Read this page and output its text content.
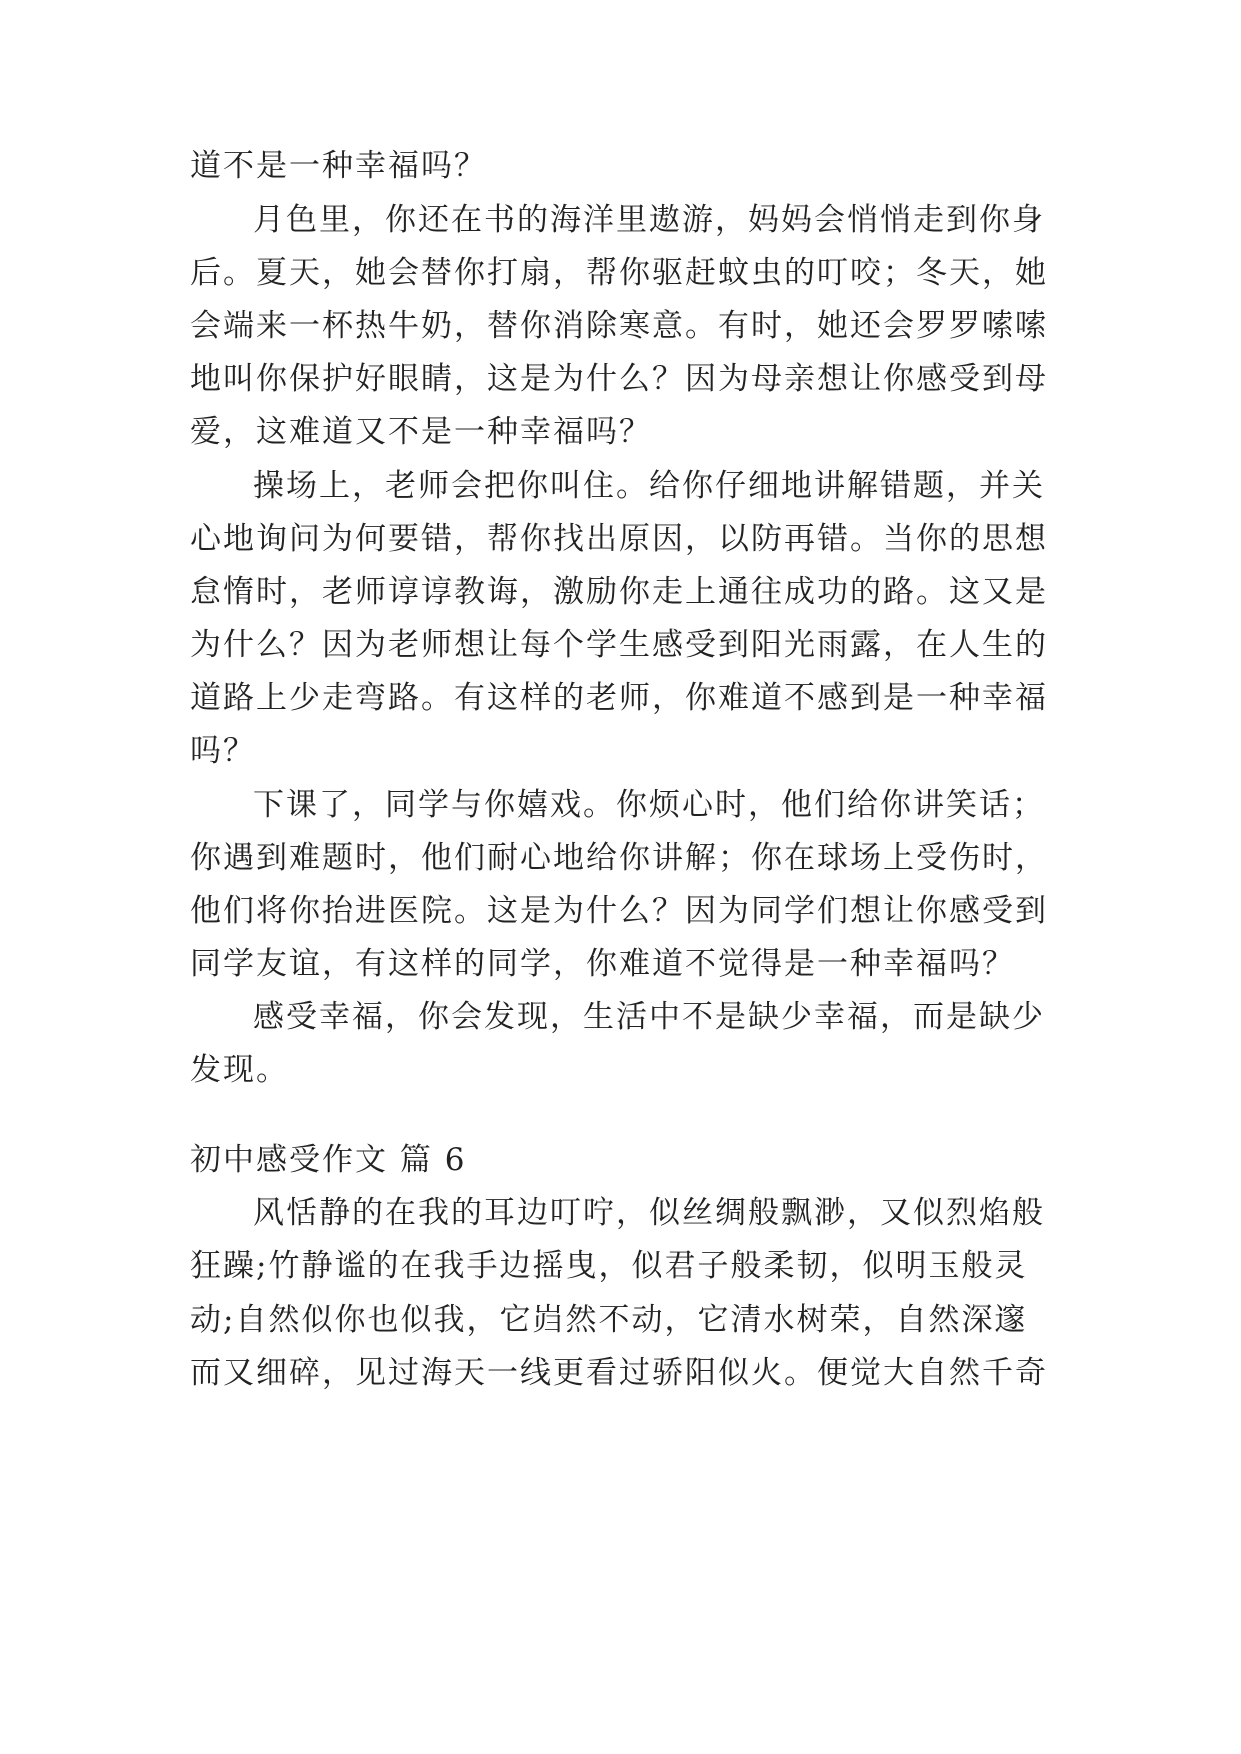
道不是一种幸福吗？
月色里，你还在书的海洋里遨游，妈妈会悄悄走到你身
后。夏天，她会替你打扇，帮你驱赶蚊虫的叮咬；冬天，她
会端来一杯热牛奶，替你消除寒意。有时，她还会罗罗嗦嗦
地叫你保护好眼睛，这是为什么？因为母亲想让你感受到母
爱，这难道又不是一种幸福吗？
操场上，老师会把你叫住。给你仔细地讲解错题，并关
心地询问为何要错，帮你找出原因，以防再错。当你的思想
怠惰时，老师谆谆教诲，激励你走上通往成功的路。这又是
为什么？因为老师想让每个学生感受到阳光雨露，在人生的
道路上少走弯路。有这样的老师，你难道不感到是一种幸福
吗？
下课了，同学与你嬉戏。你烦心时，他们给你讲笑话；
你遇到难题时，他们耐心地给你讲解；你在球场上受伤时，
他们将你抬进医院。这是为什么？因为同学们想让你感受到
同学友谊，有这样的同学，你难道不觉得是一种幸福吗？
感受幸福，你会发现，生活中不是缺少幸福，而是缺少
发现。
初中感受作文 篇 6
风恬静的在我的耳边叮咛，似丝绸般飘渺，又似烈焰般
狂躁;竹静谧的在我手边摇曳，似君子般柔韧，似明玉般灵
动;自然似你也似我，它岿然不动，它清水树荣，自然深邃
而又细碎，见过海天一线更看过骄阳似火。便觉大自然千奇
